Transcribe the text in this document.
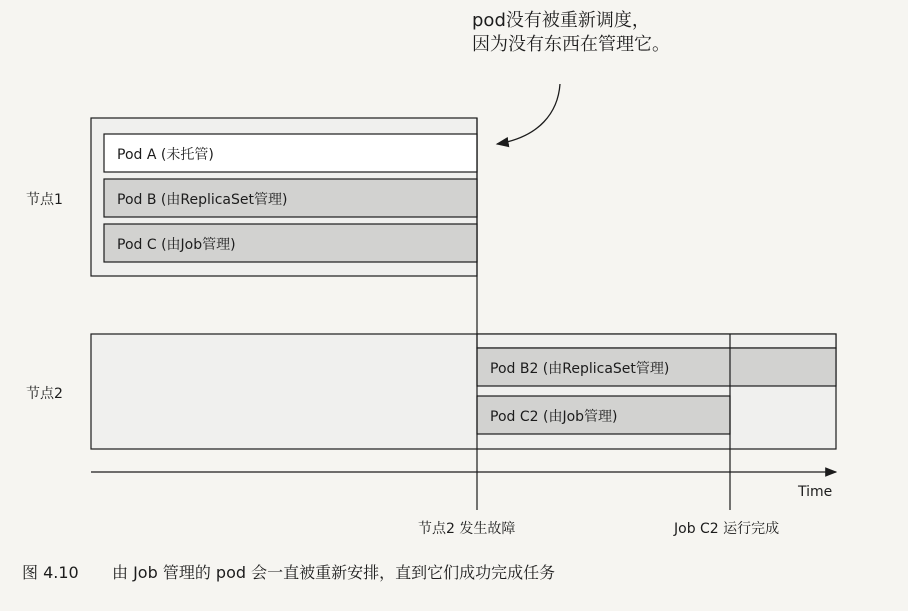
pod没有被重新调度，
因为没有东西在管理它。
节点1
节点2
Pod A (未托管)
Pod B (由ReplicaSet管理)
Pod C (由Job管理)
Pod B2 (由ReplicaSet管理)
Pod C2 (由Job管理)
Time
节点2 发生故障	Job C2 运行完成
图 4.10 由 Job 管理的 pod 会一直被重新安排，直到它们成功完成任务
